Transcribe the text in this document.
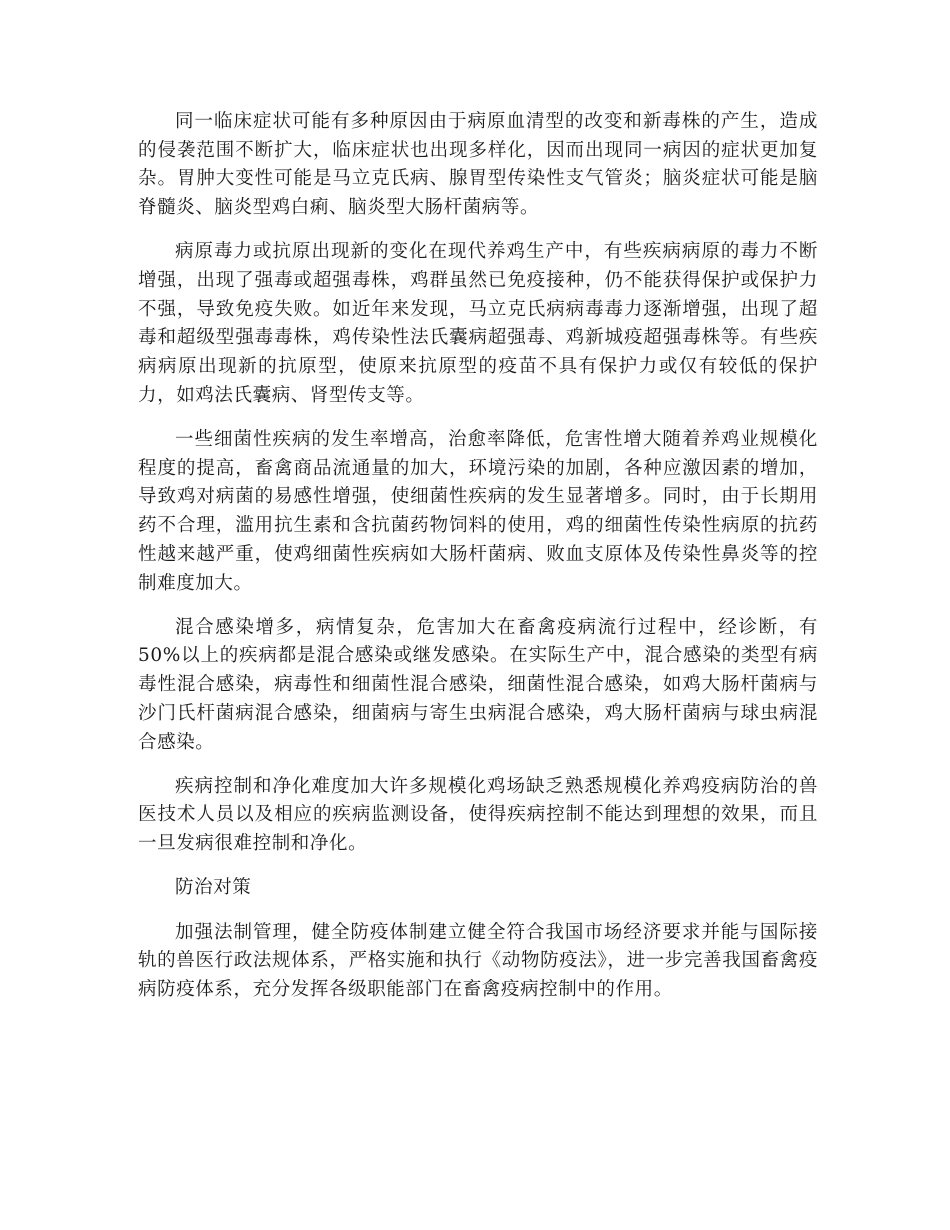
同一临床症状可能有多种原因由于病原血清型的改变和新毒株的产生，造成的侵袭范围不断扩大，临床症状也出现多样化，因而出现同一病因的症状更加复杂。胃肿大变性可能是马立克氏病、腺胃型传染性支气管炎；脑炎症状可能是脑脊髓炎、脑炎型鸡白痢、脑炎型大肠杆菌病等。

病原毒力或抗原出现新的变化在现代养鸡生产中，有些疾病病原的毒力不断增强，出现了强毒或超强毒株，鸡群虽然已免疫接种，仍不能获得保护或保护力不强，导致免疫失败。如近年来发现，马立克氏病病毒毒力逐渐增强，出现了超毒和超级型强毒毒株，鸡传染性法氏囊病超强毒、鸡新城疫超强毒株等。有些疾病病原出现新的抗原型，使原来抗原型的疫苗不具有保护力或仅有较低的保护力，如鸡法氏囊病、肾型传支等。

一些细菌性疾病的发生率增高，治愈率降低，危害性增大随着养鸡业规模化程度的提高，畜禽商品流通量的加大，环境污染的加剧，各种应激因素的增加，导致鸡对病菌的易感性增强，使细菌性疾病的发生显著增多。同时，由于长期用药不合理，滥用抗生素和含抗菌药物饲料的使用，鸡的细菌性传染性病原的抗药性越来越严重，使鸡细菌性疾病如大肠杆菌病、败血支原体及传染性鼻炎等的控制难度加大。

混合感染增多，病情复杂，危害加大在畜禽疫病流行过程中，经诊断，有 50%以上的疾病都是混合感染或继发感染。在实际生产中，混合感染的类型有病毒性混合感染，病毒性和细菌性混合感染，细菌性混合感染，如鸡大肠杆菌病与沙门氏杆菌病混合感染，细菌病与寄生虫病混合感染，鸡大肠杆菌病与球虫病混合感染。

疾病控制和净化难度加大许多规模化鸡场缺乏熟悉规模化养鸡疫病防治的兽医技术人员以及相应的疾病监测设备，使得疾病控制不能达到理想的效果，而且一旦发病很难控制和净化。

防治对策

加强法制管理，健全防疫体制建立健全符合我国市场经济要求并能与国际接轨的兽医行政法规体系，严格实施和执行《动物防疫法》，进一步完善我国畜禽疫病防疫体系，充分发挥各级职能部门在畜禽疫病控制中的作用。
